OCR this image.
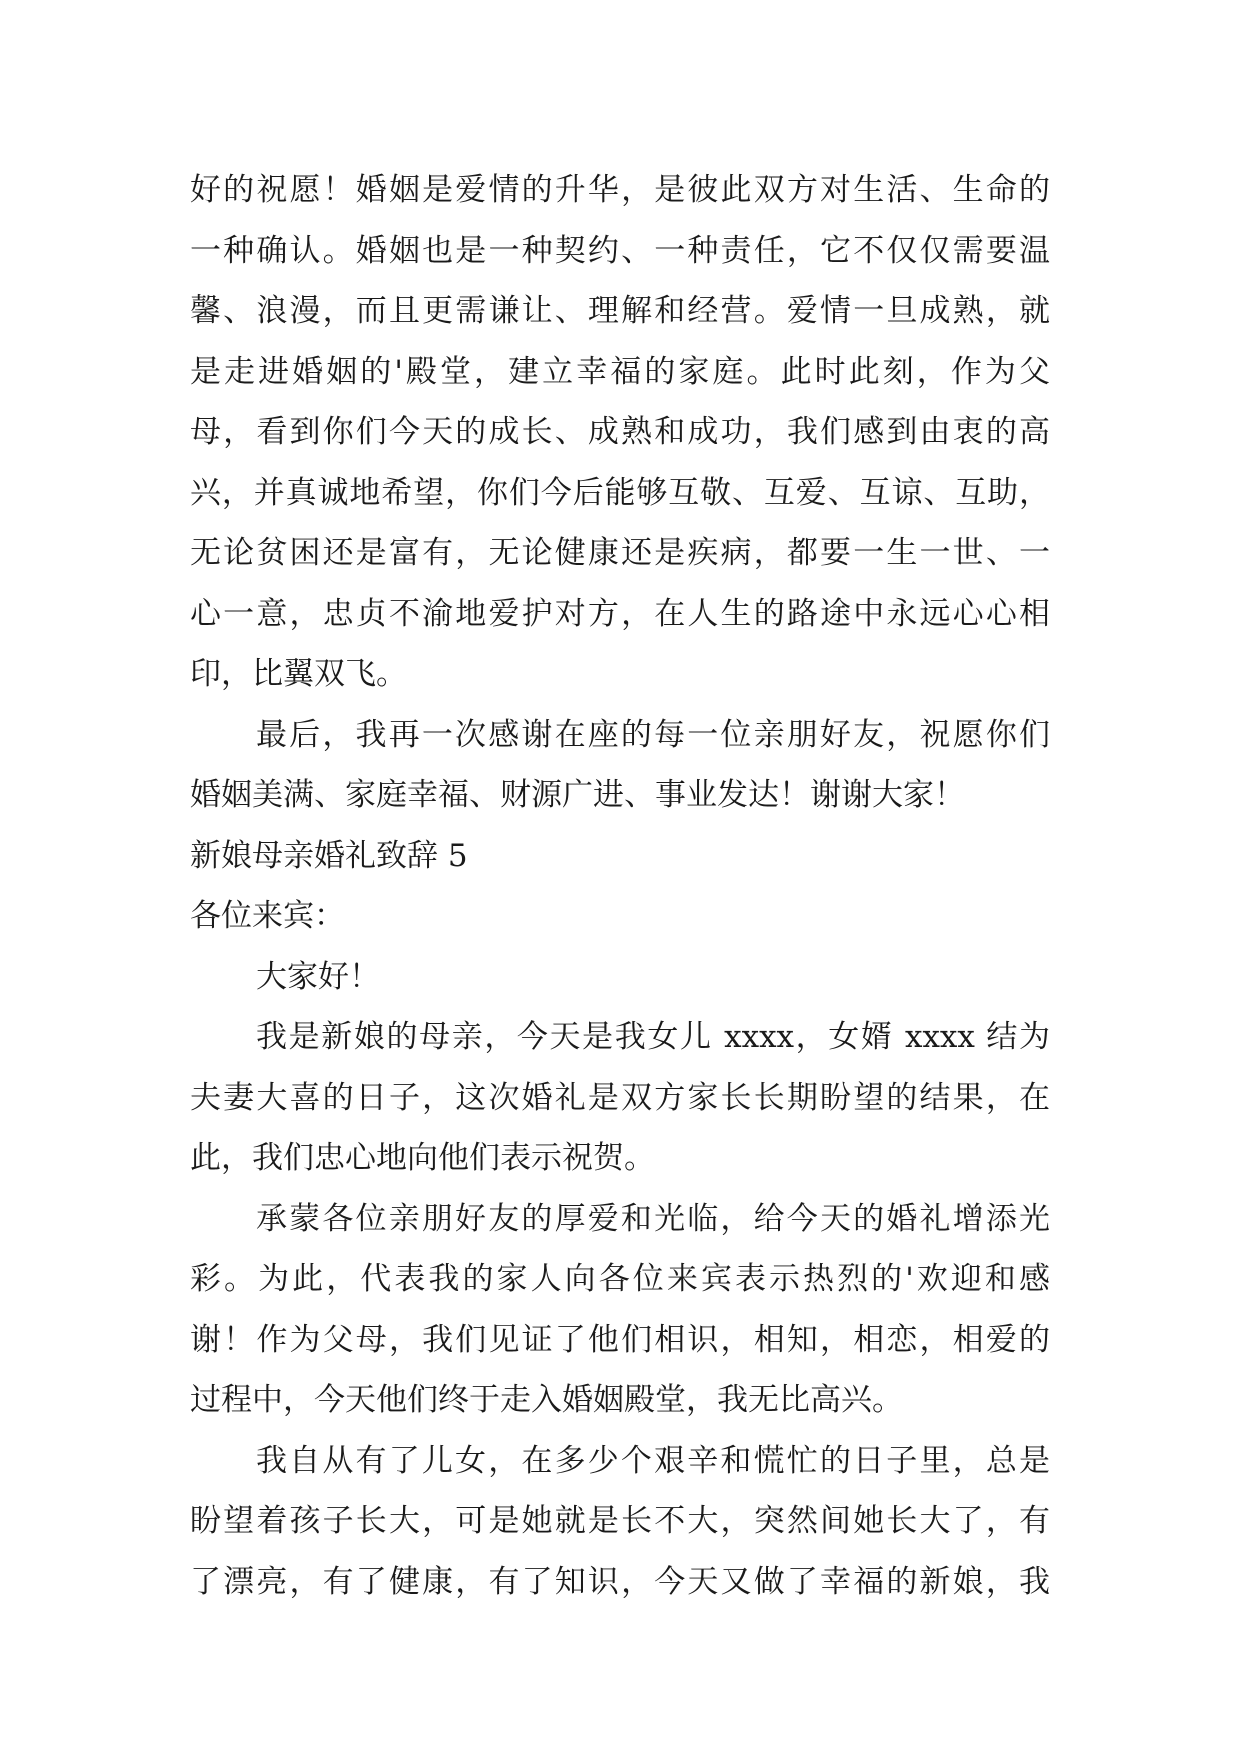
好的祝愿！婚姻是爱情的升华，是彼此双方对生活、生命的
一种确认。婚姻也是一种契约、一种责任，它不仅仅需要温
馨、浪漫，而且更需谦让、理解和经营。爱情一旦成熟，就
是走进婚姻的'殿堂，建立幸福的家庭。此时此刻，作为父
母，看到你们今天的成长、成熟和成功，我们感到由衷的高
兴，并真诚地希望，你们今后能够互敬、互爱、互谅、互助，
无论贫困还是富有，无论健康还是疾病，都要一生一世、一
心一意，忠贞不渝地爱护对方，在人生的路途中永远心心相
印，比翼双飞。
最后，我再一次感谢在座的每一位亲朋好友，祝愿你们
婚姻美满、家庭幸福、财源广进、事业发达！谢谢大家！
新娘母亲婚礼致辞 5
各位来宾：
大家好！
我是新娘的母亲，今天是我女儿 xxxx，女婿 xxxx 结为
夫妻大喜的日子，这次婚礼是双方家长长期盼望的结果，在
此，我们忠心地向他们表示祝贺。
承蒙各位亲朋好友的厚爱和光临，给今天的婚礼增添光
彩。为此，代表我的家人向各位来宾表示热烈的'欢迎和感
谢！作为父母，我们见证了他们相识，相知，相恋，相爱的
过程中，今天他们终于走入婚姻殿堂，我无比高兴。
我自从有了儿女，在多少个艰辛和慌忙的日子里，总是
盼望着孩子长大，可是她就是长不大，突然间她长大了，有
了漂亮，有了健康，有了知识，今天又做了幸福的新娘，我
